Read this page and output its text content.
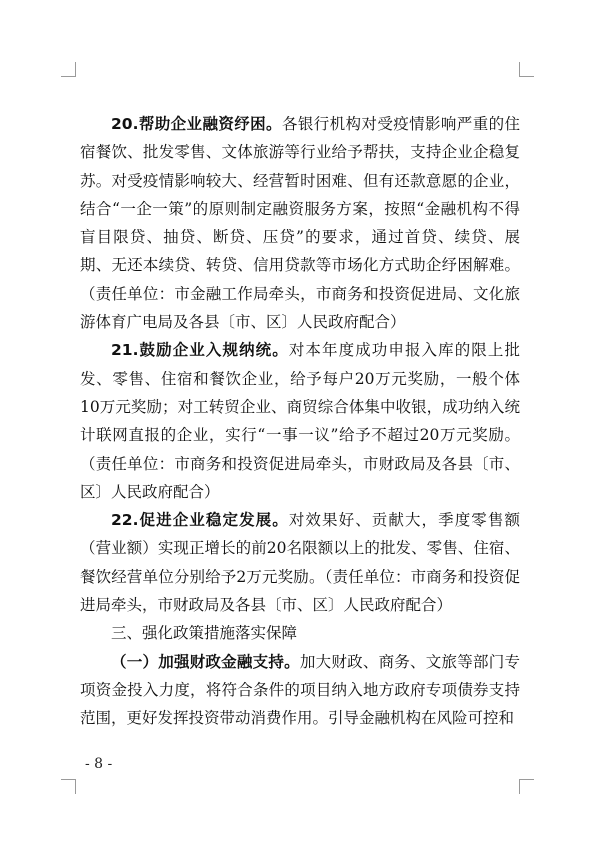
20.帮助企业融资纾困。各银行机构对受疫情影响严重的住宿餐饮、批发零售、文体旅游等行业给予帮扶，支持企业企稳复苏。对受疫情影响较大、经营暂时困难、但有还款意愿的企业，结合“一企一策”的原则制定融资服务方案，按照“金融机构不得盲目限贷、抽贷、断贷、压贷”的要求，通过首贷、续贷、展期、无还本续贷、转贷、信用贷款等市场化方式助企纾困解难。（责任单位：市金融工作局牵头，市商务和投资促进局、文化旅游体育广电局及各县〔市、区〕人民政府配合）

21.鼓励企业入规纳统。对本年度成功申报入库的限上批发、零售、住宿和餐饮企业，给予每户20万元奖励，一般个体10万元奖励；对工转贸企业、商贸综合体集中收银，成功纳入统计联网直报的企业，实行“一事一议”给予不超过20万元奖励。（责任单位：市商务和投资促进局牵头，市财政局及各县〔市、区〕人民政府配合）

22.促进企业稳定发展。对效果好、贡献大，季度零售额（营业额）实现正增长的前20名限额以上的批发、零售、住宿、餐饮经营单位分别给予2万元奖励。（责任单位：市商务和投资促进局牵头，市财政局及各县〔市、区〕人民政府配合）

三、强化政策措施落实保障

（一）加强财政金融支持。加大财政、商务、文旅等部门专项资金投入力度，将符合条件的项目纳入地方政府专项债券支持范围，更好发挥投资带动消费作用。引导金融机构在风险可控和

- 8 -
